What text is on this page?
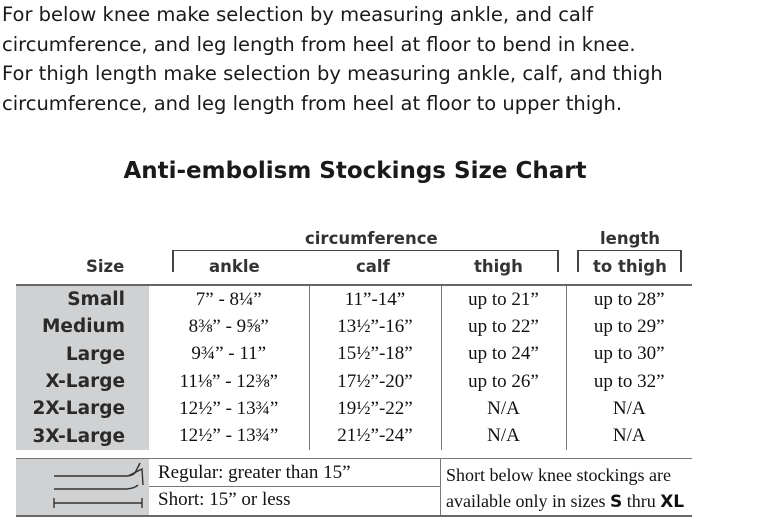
For below knee make selection by measuring ankle, and calf

circumference, and leg length from heel at floor to bend in knee.

For thigh length make selection by measuring ankle, calf, and thigh

circumference, and leg length from heel at floor to upper thigh.

Anti-embolism Stockings Size Chart
Size
circumference	length
ankle	calf	thigh	to thigh
Small	7” - 8¼”	11”-14”	up to 21”	up to 28”
Medium	8⅜” - 9⅝”	13½”-16”	up to 22”	up to 29”
Large	9¾” - 11”	15½”-18”	up to 24”	up to 30”
X-Large	11⅛” - 12⅜”	17½”-20”	up to 26”	up to 32”
2X-Large	12½” - 13¾”	19½”-22”	N/A	N/A
3X-Large	12½” - 13¾”	21½”-24”	N/A	N/A
Regular: greater than 15”
Short: 15” or less
Short below knee stockings are available only in sizes S thru XL
